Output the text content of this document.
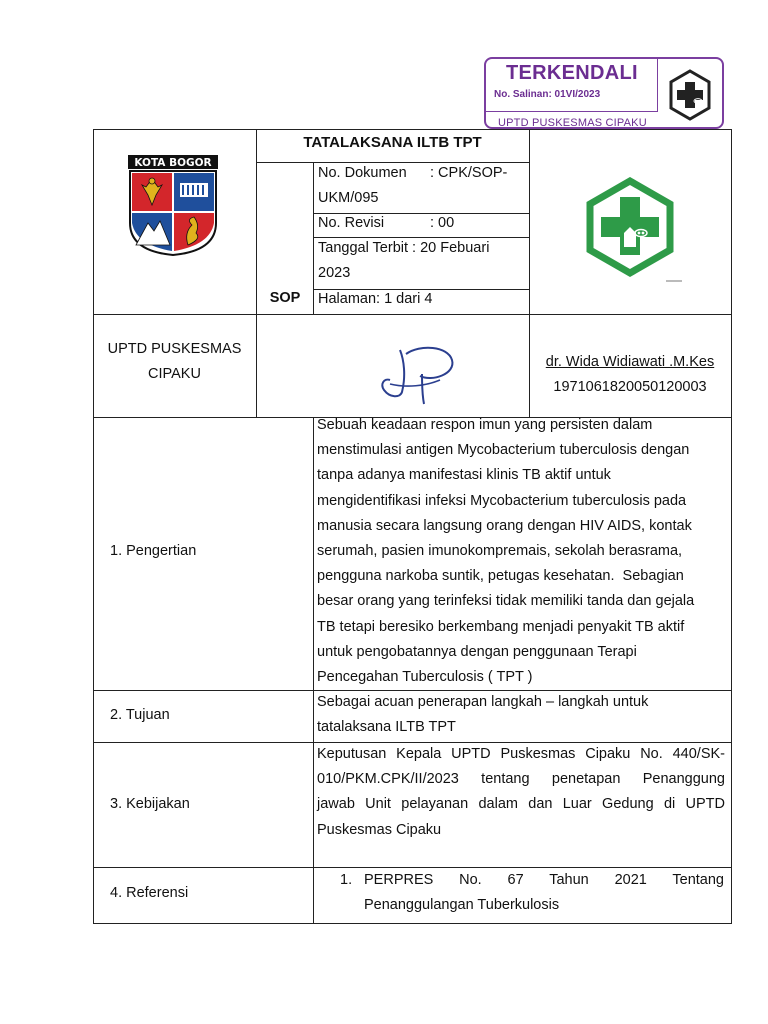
TERKENDALI
No. Salinan: 01VI/2023
UPTD PUSKESMAS CIPAKU
KOTA BOGOR
TATALAKSANA ILTB TPT
SOP
No. Dokumen : CPK/SOP-
UKM/095
No. Revisi	: 00
Tanggal Terbit : 20 Febuari
2023
Halaman: 1 dari 4
UPTD PUSKESMAS
CIPAKU
dr. Wida Widiawati .M.Kes
197106182005012000​3
1. Pengertian
Sebuah keadaan respon imun yang persisten dalam
menstimulasi antigen Mycobacterium tuberculosis dengan
tanpa adanya manifestasi klinis TB aktif untuk
mengidentifikasi infeksi Mycobacterium tuberculosis pada
manusia secara langsung orang dengan HIV AIDS, kontak
serumah, pasien imunokompremais, sekolah berasrama,
pengguna narkoba suntik, petugas kesehatan.  Sebagian
besar orang yang terinfeksi tidak memiliki tanda dan gejala
TB tetapi beresiko berkembang menjadi penyakit TB aktif
untuk pengobatannya dengan penggunaan Terapi
Pencegahan Tuberculosis ( TPT )
2. Tujuan
Sebagai acuan penerapan langkah – langkah untuk
tatalaksana ILTB TPT
3. Kebijakan
Keputusan Kepala UPTD Puskesmas Cipaku No. 440/SK-
010/PKM.CPK/II/2023 tentang penetapan Penanggung
jawab Unit pelayanan dalam dan Luar Gedung di UPTD
Puskesmas Cipaku
4. Referensi
1. PERPRES No. 67 Tahun 2021 Tentang
Penanggulangan Tuberkulosis
